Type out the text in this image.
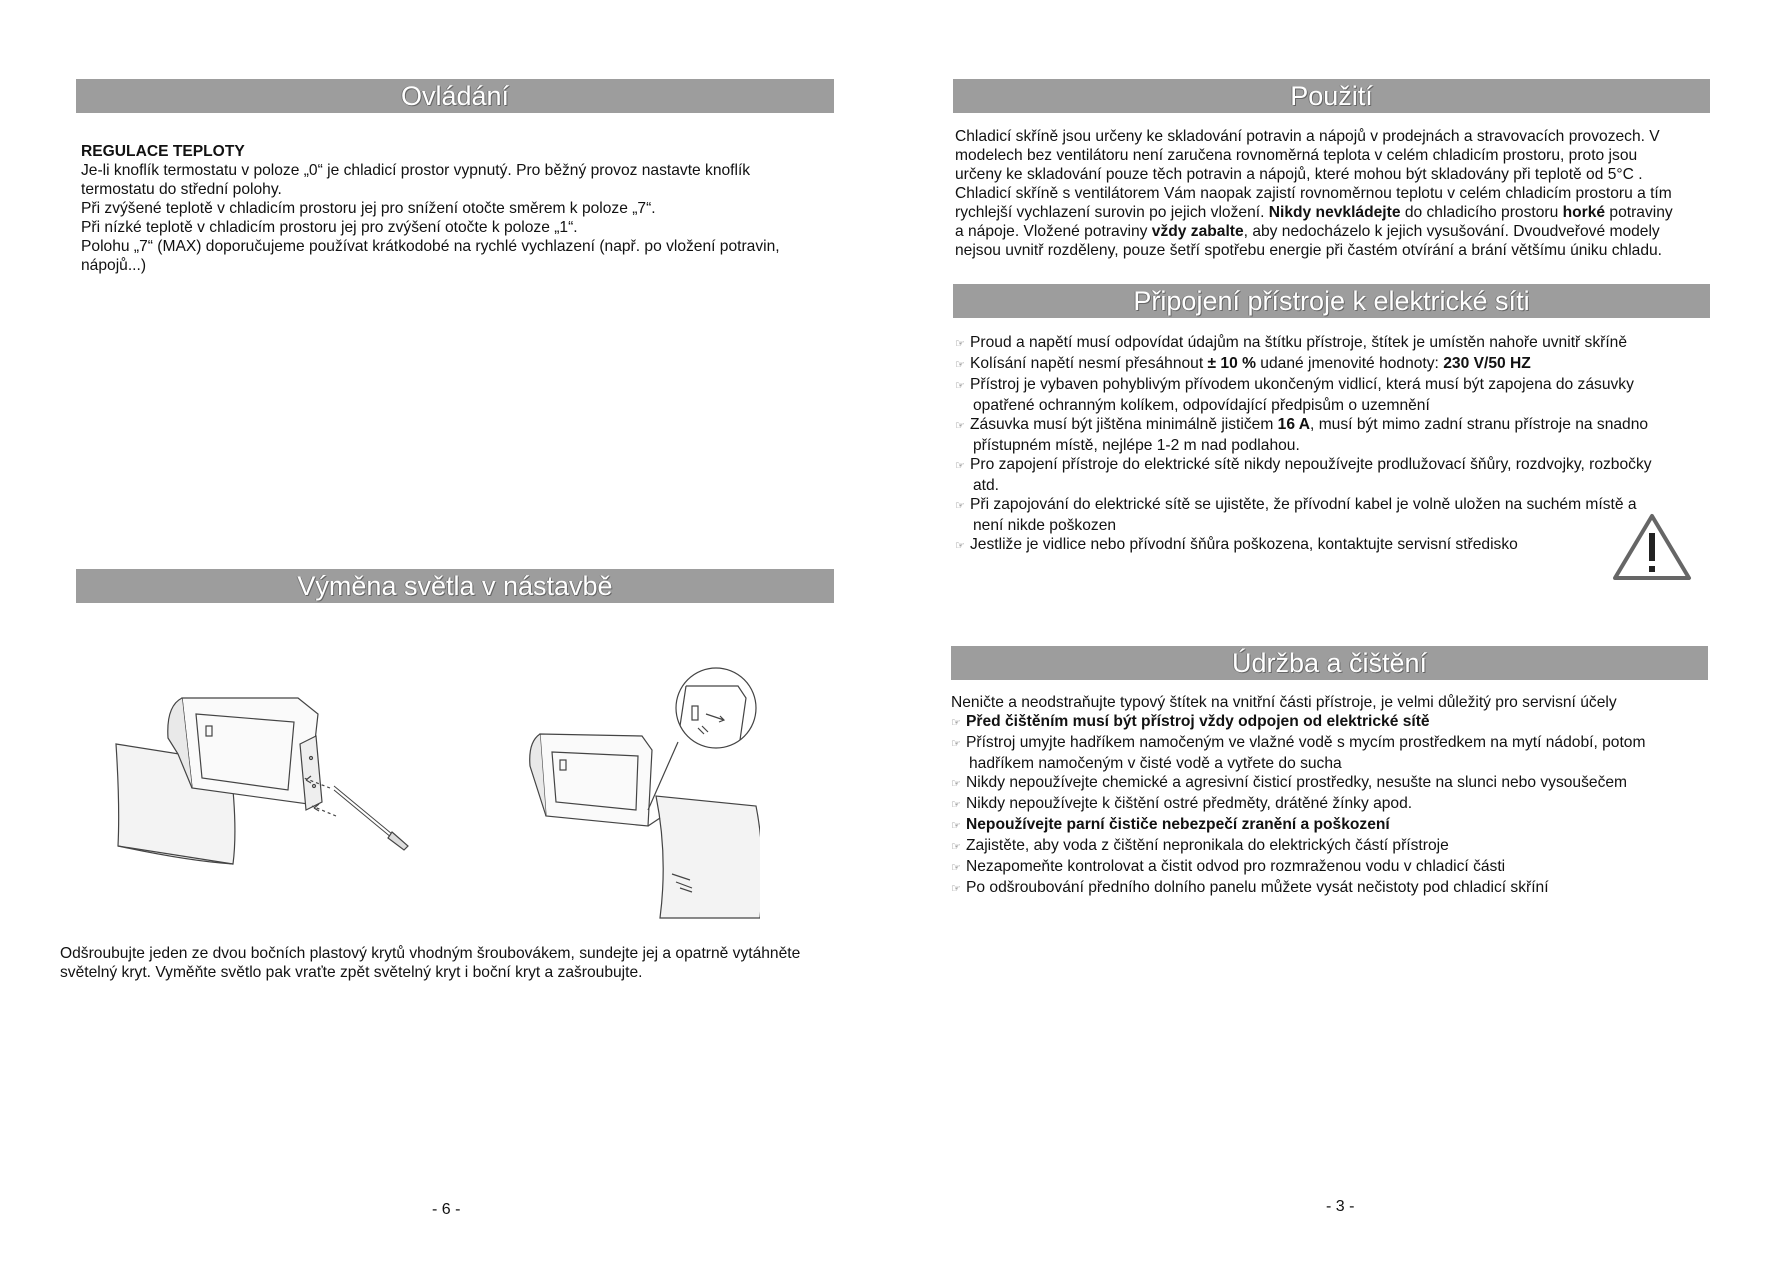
Ovládání

REGULACE TEPLOTY

Je-li knoflík termostatu v poloze „0“ je chladicí prostor vypnutý. Pro běžný provoz nastavte knoflík

termostatu do střední polohy.

Při zvýšené teplotě v chladicím prostoru jej pro snížení otočte směrem k poloze „7“.

Při nízké teplotě v chladicím prostoru jej pro zvýšení otočte k poloze „1“.

Polohu „7“ (MAX) doporučujeme používat krátkodobé na rychlé vychlazení (např. po vložení potravin,

nápojů...)

Výměna světla v nástavbě

Odšroubujte jeden ze dvou bočních plastový krytů vhodným šroubovákem, sundejte jej a opatrně vytáhněte

světelný kryt. Vyměňte světlo pak vraťte zpět světelný kryt i boční kryt a zašroubujte.

- 6 -
Použití

Chladicí skříně jsou určeny ke skladování potravin a nápojů v prodejnách a stravovacích provozech. V

modelech bez ventilátoru není zaručena rovnoměrná teplota v celém chladicím prostoru, proto jsou

určeny ke skladování pouze těch potravin a nápojů, které mohou být skladovány při teplotě od 5°C .

Chladicí skříně s ventilátorem Vám naopak zajistí rovnoměrnou teplotu v celém chladicím prostoru a tím

rychlejší vychlazení surovin po jejich vložení. Nikdy nevkládejte do chladicího prostoru horké potraviny

a nápoje. Vložené potraviny vždy zabalte, aby nedocházelo k jejich vysušování. Dvoudveřové modely

nejsou uvnitř rozděleny, pouze šetří spotřebu energie při častém otvírání a brání většímu úniku chladu.

Připojení přístroje k elektrické síti
☞ Proud a napětí musí odpovídat údajům na štítku přístroje, štítek je umístěn nahoře uvnitř skříně
☞ Kolísání napětí nesmí přesáhnout ± 10 % udané jmenovité hodnoty: 230 V/50 HZ
☞ Přístroj je vybaven pohyblivým přívodem ukončeným vidlicí, která musí být zapojena do zásuvky
opatřené ochranným kolíkem, odpovídající předpisům o uzemnění
☞ Zásuvka musí být jištěna minimálně jističem 16 A, musí být mimo zadní stranu přístroje na snadno
přístupném místě, nejlépe 1-2 m nad podlahou.
☞ Pro zapojení přístroje do elektrické sítě nikdy nepoužívejte prodlužovací šňůry, rozdvojky, rozbočky
atd.
☞ Při zapojování do elektrické sítě se ujistěte, že přívodní kabel je volně uložen na suchém místě a
není nikde poškozen
☞ Jestliže je vidlice nebo přívodní šňůra poškozena, kontaktujte servisní středisko
Údržba a čištění
Neničte a neodstraňujte typový štítek na vnitřní části přístroje, je velmi důležitý pro servisní účely
☞ Před čištěním musí být přístroj vždy odpojen od elektrické sítě
☞ Přístroj umyjte hadříkem namočeným ve vlažné vodě s mycím prostředkem na mytí nádobí, potom
hadříkem namočeným v čisté vodě a vytřete do sucha
☞ Nikdy nepoužívejte chemické a agresivní čisticí prostředky, nesušte na slunci nebo vysoušečem
☞ Nikdy nepoužívejte k čištění ostré předměty, drátěné žínky apod.
☞ Nepoužívejte parní čističe nebezpečí zranění a poškození
☞ Zajistěte, aby voda z čištění nepronikala do elektrických částí přístroje
☞ Nezapomeňte kontrolovat a čistit odvod pro rozmraženou vodu v chladicí části
☞ Po odšroubování předního dolního panelu můžete vysát nečistoty pod chladicí skříní
- 3 -
